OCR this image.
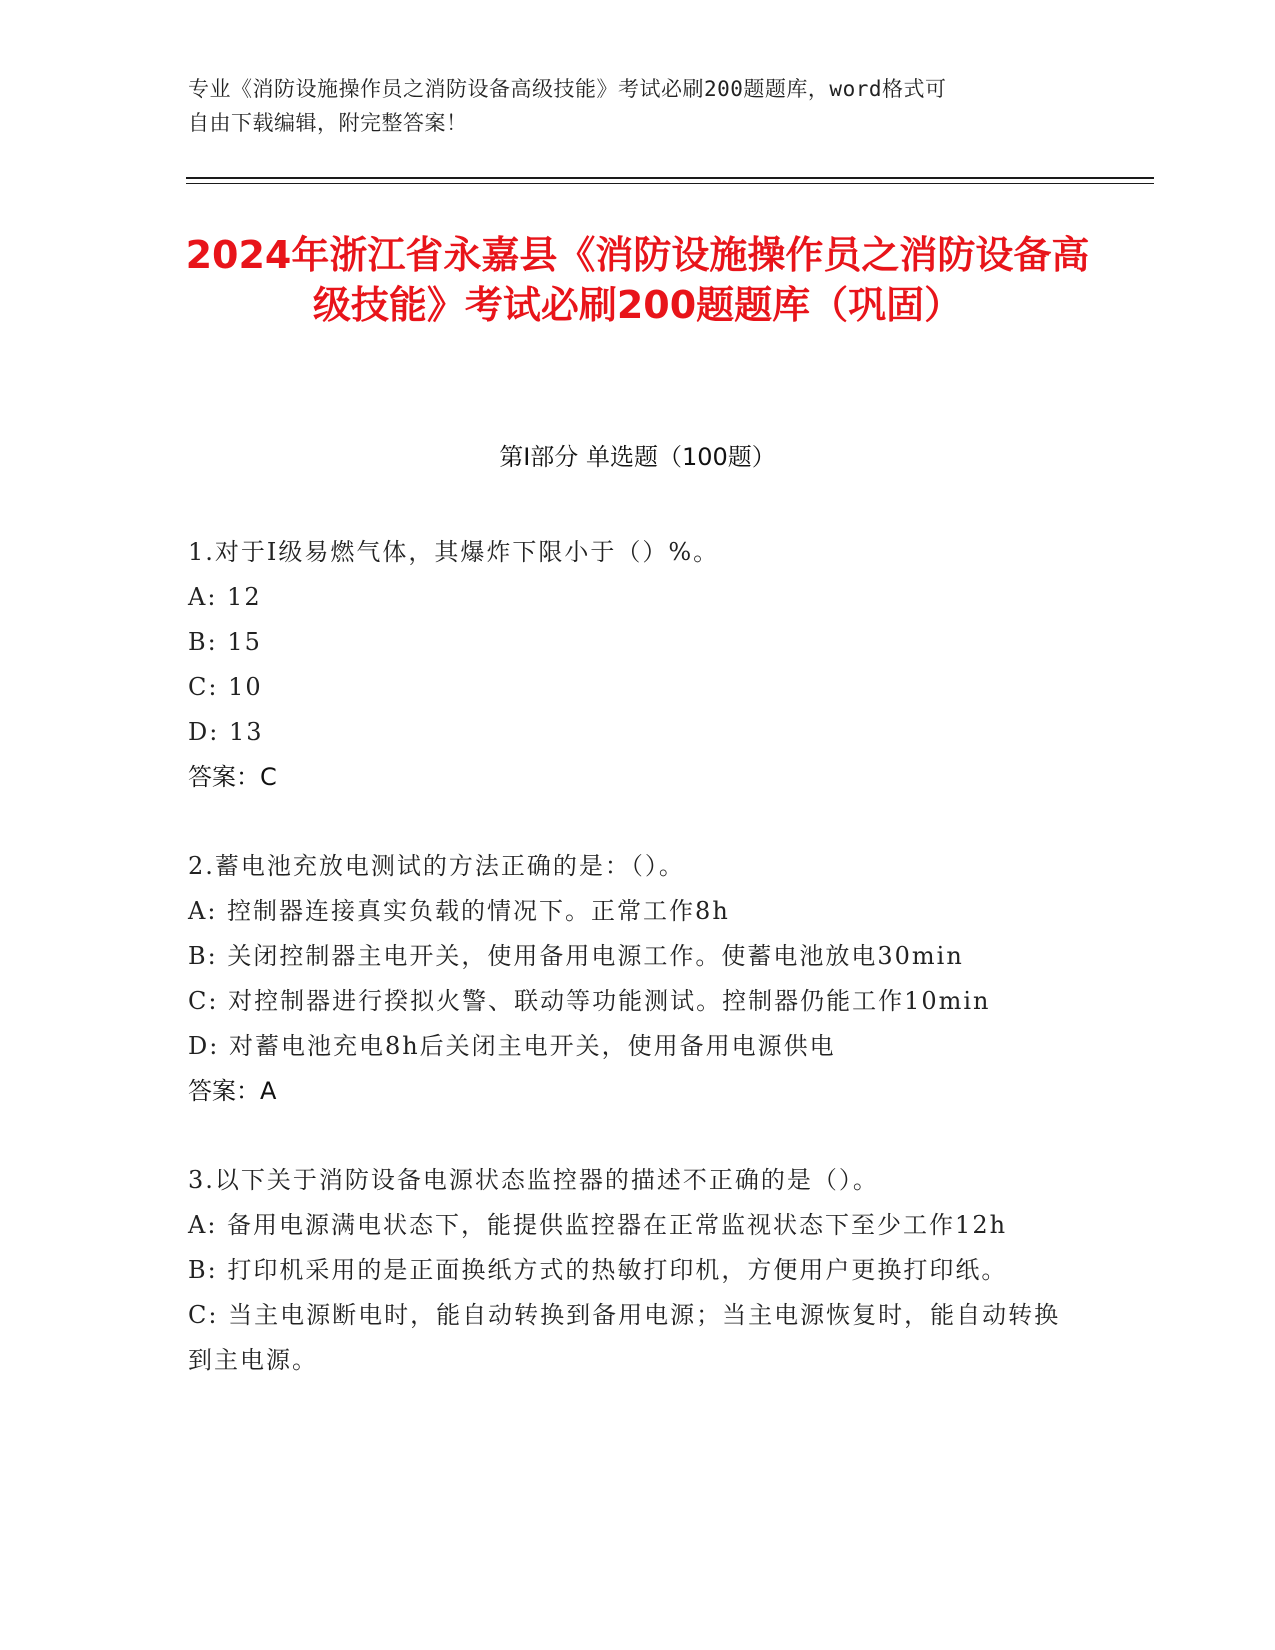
专业《消防设施操作员之消防设备高级技能》考试必刷200题题库，word格式可
自由下载编辑，附完整答案！
2024年浙江省永嘉县《消防设施操作员之消防设备高级技能》考试必刷200题题库（巩固）
第Ⅰ部分 单选题（100题）

1.对于Ⅰ级易燃气体，其爆炸下限小于（）%。

A: 12

B: 15

C: 10

D: 13

答案：C

2.蓄电池充放电测试的方法正确的是：（）。

A: 控制器连接真实负载的情况下。正常工作8h

B: 关闭控制器主电开关，使用备用电源工作。使蓄电池放电30min

C: 对控制器进行揆拟火警、联动等功能测试。控制器仍能工作10min

D: 对蓄电池充电8h后关闭主电开关，使用备用电源供电

答案：A

3.以下关于消防设备电源状态监控器的描述不正确的是（）。

A: 备用电源满电状态下，能提供监控器在正常监视状态下至少工作12h

B: 打印机采用的是正面换纸方式的热敏打印机，方便用户更换打印纸。

C: 当主电源断电时，能自动转换到备用电源；当主电源恢复时，能自动转换到主电源。
